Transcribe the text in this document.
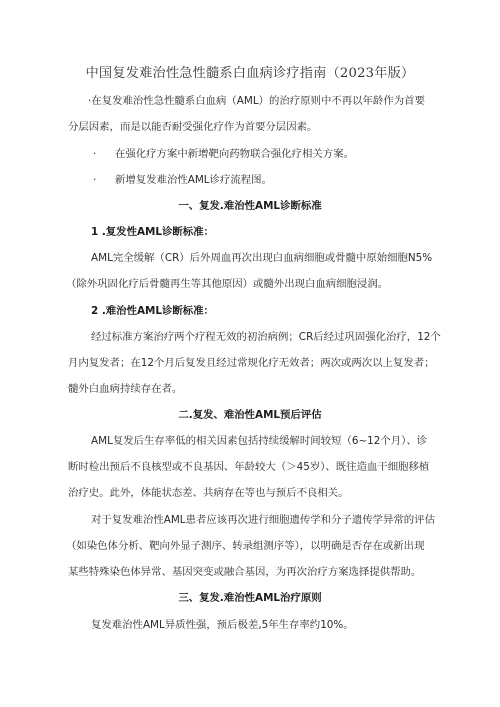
中国复发难治性急性髓系白血病诊疗指南（2023年版）
·在复发难治性急性髓系白血病（AML）的治疗原则中不再以年龄作为首要
分层因素，而是以能否耐受强化疗作为首要分层因素。
· 在强化疗方案中新增靶向药物联合强化疗相关方案。
· 新增复发难治性AML诊疗流程图。
一、复发.难治性AML诊断标准
1 .复发性AML诊断标准：
AML完全缓解（CR）后外周血再次出现白血病细胞或骨髓中原始细胞N5%
（除外巩固化疗后骨髓再生等其他原因）或髓外出现白血病细胞浸润。
2 .难治性AML诊断标准：
经过标准方案治疗两个疗程无效的初治病例；CR后经过巩固强化治疗，12个
月内复发者；在12个月后复发且经过常规化疗无效者；两次或两次以上复发者；
髓外白血病持续存在者。
二.复发、难治性AML预后评估
AML复发后生存率低的相关因素包括持续缓解时间较短（6~12个月）、诊
断时检出预后不良核型或不良基因、年龄较大（＞45岁）、既往造血干细胞移植
治疗史。此外，体能状态差、共病存在等也与预后不良相关。
对于复发难治性AML患者应该再次进行细胞遗传学和分子遗传学异常的评估
（如染色体分析、靶向外显子测序、转录组测序等），以明确是否存在或新出现
某些特殊染色体异常、基因突变或融合基因，为再次治疗方案选择提供帮助。
三、复发.难治性AML治疗原则
复发难治性AML异质性强，预后极差,5年生存率约10%。
